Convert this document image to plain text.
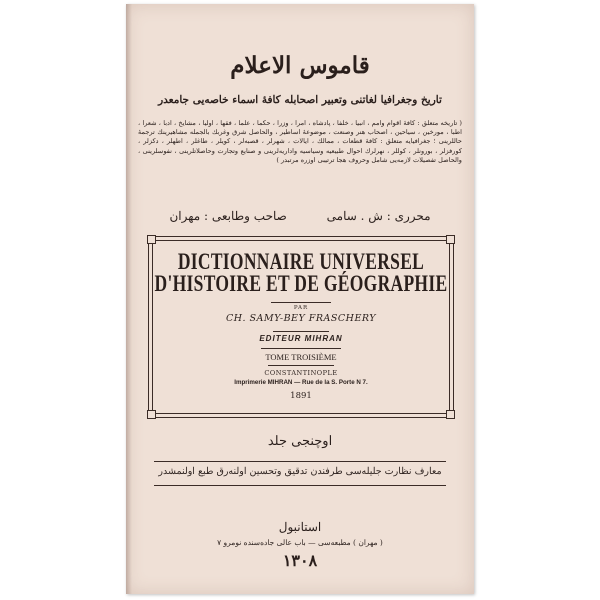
قاموس الاعلام
تاریخ وجغرافیا لغاتنی وتعبیر اصحابله كافهٔ اسماء خاصه‌یی جامعدر
( تاریخه متعلق : كافهٔ اقوام وامم ، انبیا ، خلفا ، پادشاه ، امرا ، وزرا ، حكما ، علما ، فقها ، اولیا ، مشایخ ، ادبا ، شعرا ، اطبا ، مورخین ، سیاحین ، اصحاب هنر وصنعت ، موضوعهٔ اساطیر ، والحاصل شرق وغربك بالجمله مشاهیرینك ترجمهٔ حاللرینی ؛ جغرافیایه متعلق : كافهٔ قطعات ، ممالك ، ایالات ، شهرلر ، قصبه‌لر ، كویلر ، طاغلر ، اطهلر ، دكزلر ، كورفزلر ، بورونلر ، كوللر ، نهرلرك احوال طبیعیه وسیاسیه واداریه‌لرینی و صنایع وتجارت وحاصلاتلرینی ، نفوسلرینی ، والحاصل تفصیلات لازمه‌یی شامل وحروف هجا ترتیبی اوزره مرتبدر )
محرری : ش . سامی صاحب وطابعی : مهران
DICTIONNAIRE UNIVERSEL
D'HISTOIRE ET DE GÉOGRAPHIE
PAR
CH. SAMY-BEY FRASCHERY
EDITEUR MIHRAN
TOME TROISIÈME
CONSTANTINOPLE
Imprimerie MIHRAN — Rue de la S. Porte N 7.
1891
اوچنجی جلد
معارف نظارت جلیله‌سی طرفندن تدقیق وتحسین اولنه‌رق طبع اولنمشدر
استانبول
( مهران ) مطبعه‌سی — باب عالی جاده‌سنده نومرو ۷
۱۳۰۸
